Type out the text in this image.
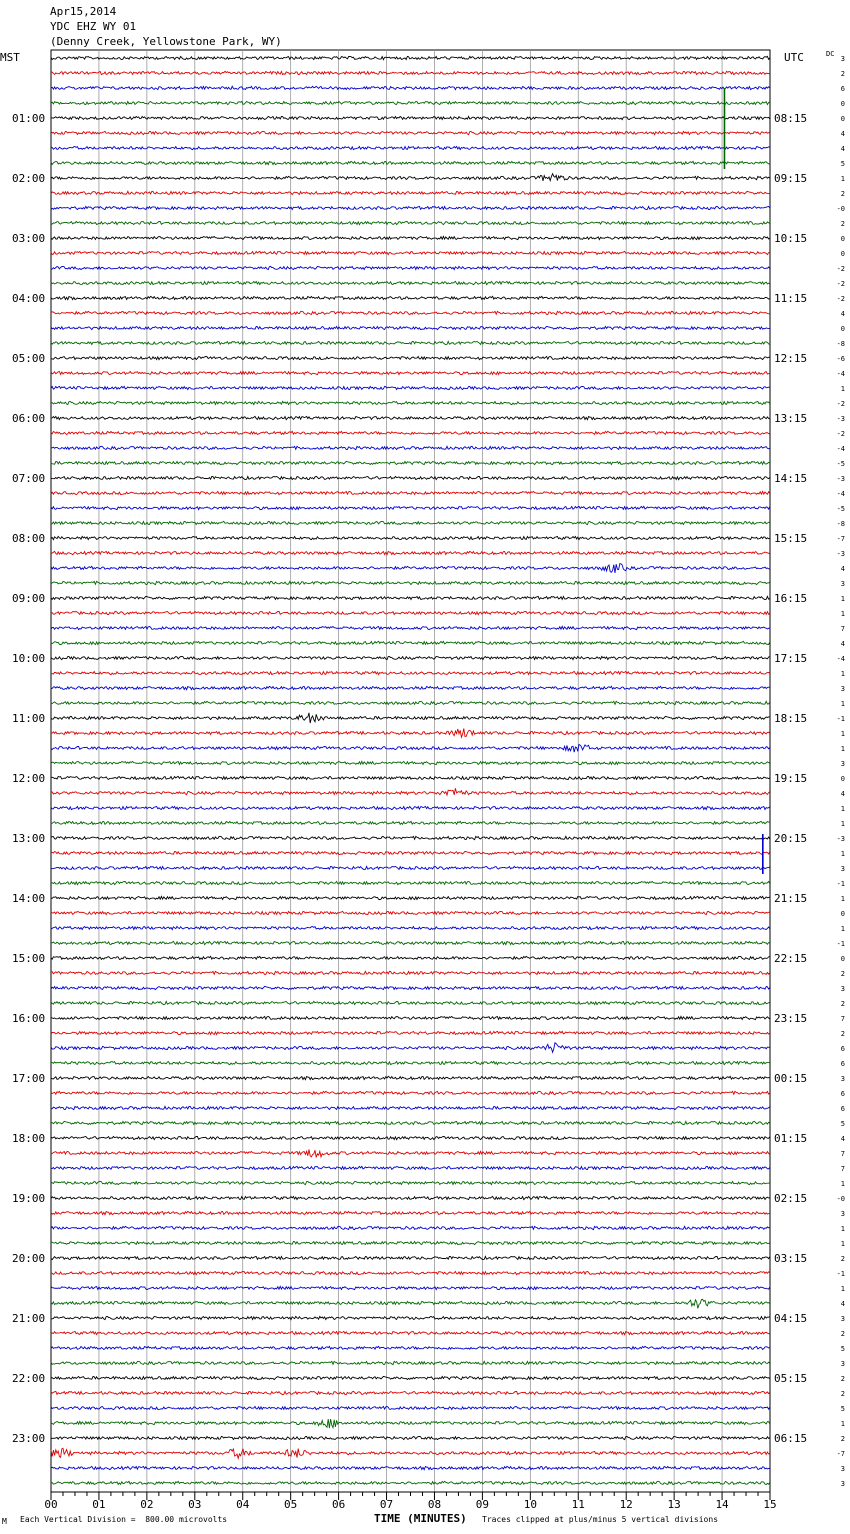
Apr15,2014
YDC EHZ WY 01
(Denny Creek, Yellowstone Park, WY)
MST	UTC	DC
01:00
02:00
03:00
04:00
05:00
06:00
07:00
08:00
09:00
10:00
11:00
12:00
13:00
14:00
15:00
16:00
17:00
18:00
19:00
20:00
21:00
22:00
23:00
08:15
09:15
10:15
11:15
12:15
13:15
14:15
15:15
16:15
17:15
18:15
19:15
20:15
21:15
22:15
23:15
00:15
01:15
02:15
03:15
04:15
05:15
06:15
3
2
6
0
0
4
4
5
1
2
-0
2
0
0
-2
-2
-2
4
0
-8
-6
-4
1
-2
-3
-2
-4
-5
-3
-4
-5
-8
-7
-3
4
3
1
1
7
4
-4
1
3
1
-1
1
1
3
0
4
1
1
-3
1
3
-1
1
0
1
-1
0
2
3
2
7
2
6
6
3
6
6
5
4
7
7
1
-0
3
1
1
2
-1
1
4
3
2
5
3
2
2
5
1
2
-7
3
3
00	01	02	03	04	05	06	07	08	09	10	11	12	13	14	15
M Each Vertical Division =  800.00 microvolts	TIME (MINUTES) Traces clipped at plus/minus 5 vertical divisions
